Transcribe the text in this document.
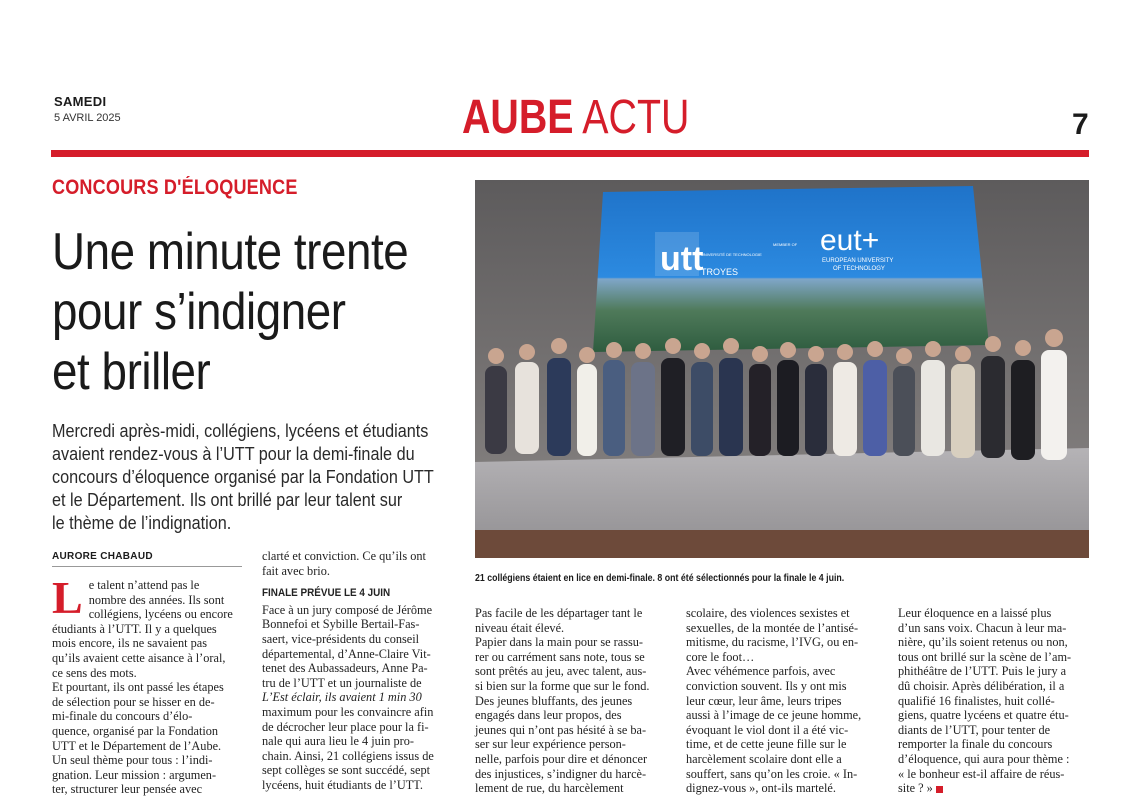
SAMEDI
5 AVRIL 2025	AUBE ACTU	7
CONCOURS D'ÉLOQUENCE
Une minute trente
pour s’indigner
et briller
Mercredi après-midi, collégiens, lycéens et étudiants
avaient rendez-vous à l’UTT pour la demi-finale du
concours d’éloquence organisé par la Fondation UTT
et le Département. Ils ont brillé par leur talent sur
le thème de l’indignation.
AURORE CHABAUD
utt
UNIVERSITÉ DE TECHNOLOGIE
TROYES
MEMBER OF eut+
EUROPEAN UNIVERSITY
OF TECHNOLOGY
21 collégiens étaient en lice en demi-finale. 8 ont été sélectionnés pour la finale le 4 juin.
L e talent n’attend pas le
nombre des années. Ils sont
collégiens, lycéens ou encore
étudiants à l’UTT. Il y a quelques
mois encore, ils ne savaient pas
qu’ils avaient cette aisance à l’oral,
ce sens des mots.
Et pourtant, ils ont passé les étapes
de sélection pour se hisser en de-
mi-finale du concours d’élo-
quence, organisé par la Fondation
UTT et le Département de l’Aube.
Un seul thème pour tous : l’indi-
gnation. Leur mission : argumen-
ter, structurer leur pensée avec
clarté et conviction. Ce qu’ils ont
fait avec brio.
FINALE PRÉVUE LE 4 JUIN
Face à un jury composé de Jérôme
Bonnefoi et Sybille Bertail-Fas-
saert, vice-présidents du conseil
départemental, d’Anne-Claire Vit-
tenet des Aubassadeurs, Anne Pa-
tru de l’UTT et un journaliste de
L’Est éclair, ils avaient 1 min 30
maximum pour les convaincre afin
de décrocher leur place pour la fi-
nale qui aura lieu le 4 juin pro-
chain. Ainsi, 21 collégiens issus de
sept collèges se sont succédé, sept
lycéens, huit étudiants de l’UTT.
Pas facile de les départager tant le
niveau était élevé.
Papier dans la main pour se rassu-
rer ou carrément sans note, tous se
sont prêtés au jeu, avec talent, aus-
si bien sur la forme que sur le fond.
Des jeunes bluffants, des jeunes
engagés dans leur propos, des
jeunes qui n’ont pas hésité à se ba-
ser sur leur expérience person-
nelle, parfois pour dire et dénoncer
des injustices, s’indigner du harcè-
lement de rue, du harcèlement
scolaire, des violences sexistes et
sexuelles, de la montée de l’antisé-
mitisme, du racisme, l’IVG, ou en-
core le foot…
Avec véhémence parfois, avec
conviction souvent. Ils y ont mis
leur cœur, leur âme, leurs tripes
aussi à l’image de ce jeune homme,
évoquant le viol dont il a été vic-
time, et de cette jeune fille sur le
harcèlement scolaire dont elle a
souffert, sans qu’on les croie. « In-
dignez-vous », ont-ils martelé.
Leur éloquence en a laissé plus
d’un sans voix. Chacun à leur ma-
nière, qu’ils soient retenus ou non,
tous ont brillé sur la scène de l’am-
phithéâtre de l’UTT. Puis le jury a
dû choisir. Après délibération, il a
qualifié 16 finalistes, huit collé-
giens, quatre lycéens et quatre étu-
diants de l’UTT, pour tenter de
remporter la finale du concours
d’éloquence, qui aura pour thème :
« le bonheur est-il affaire de réus-
site ? »
